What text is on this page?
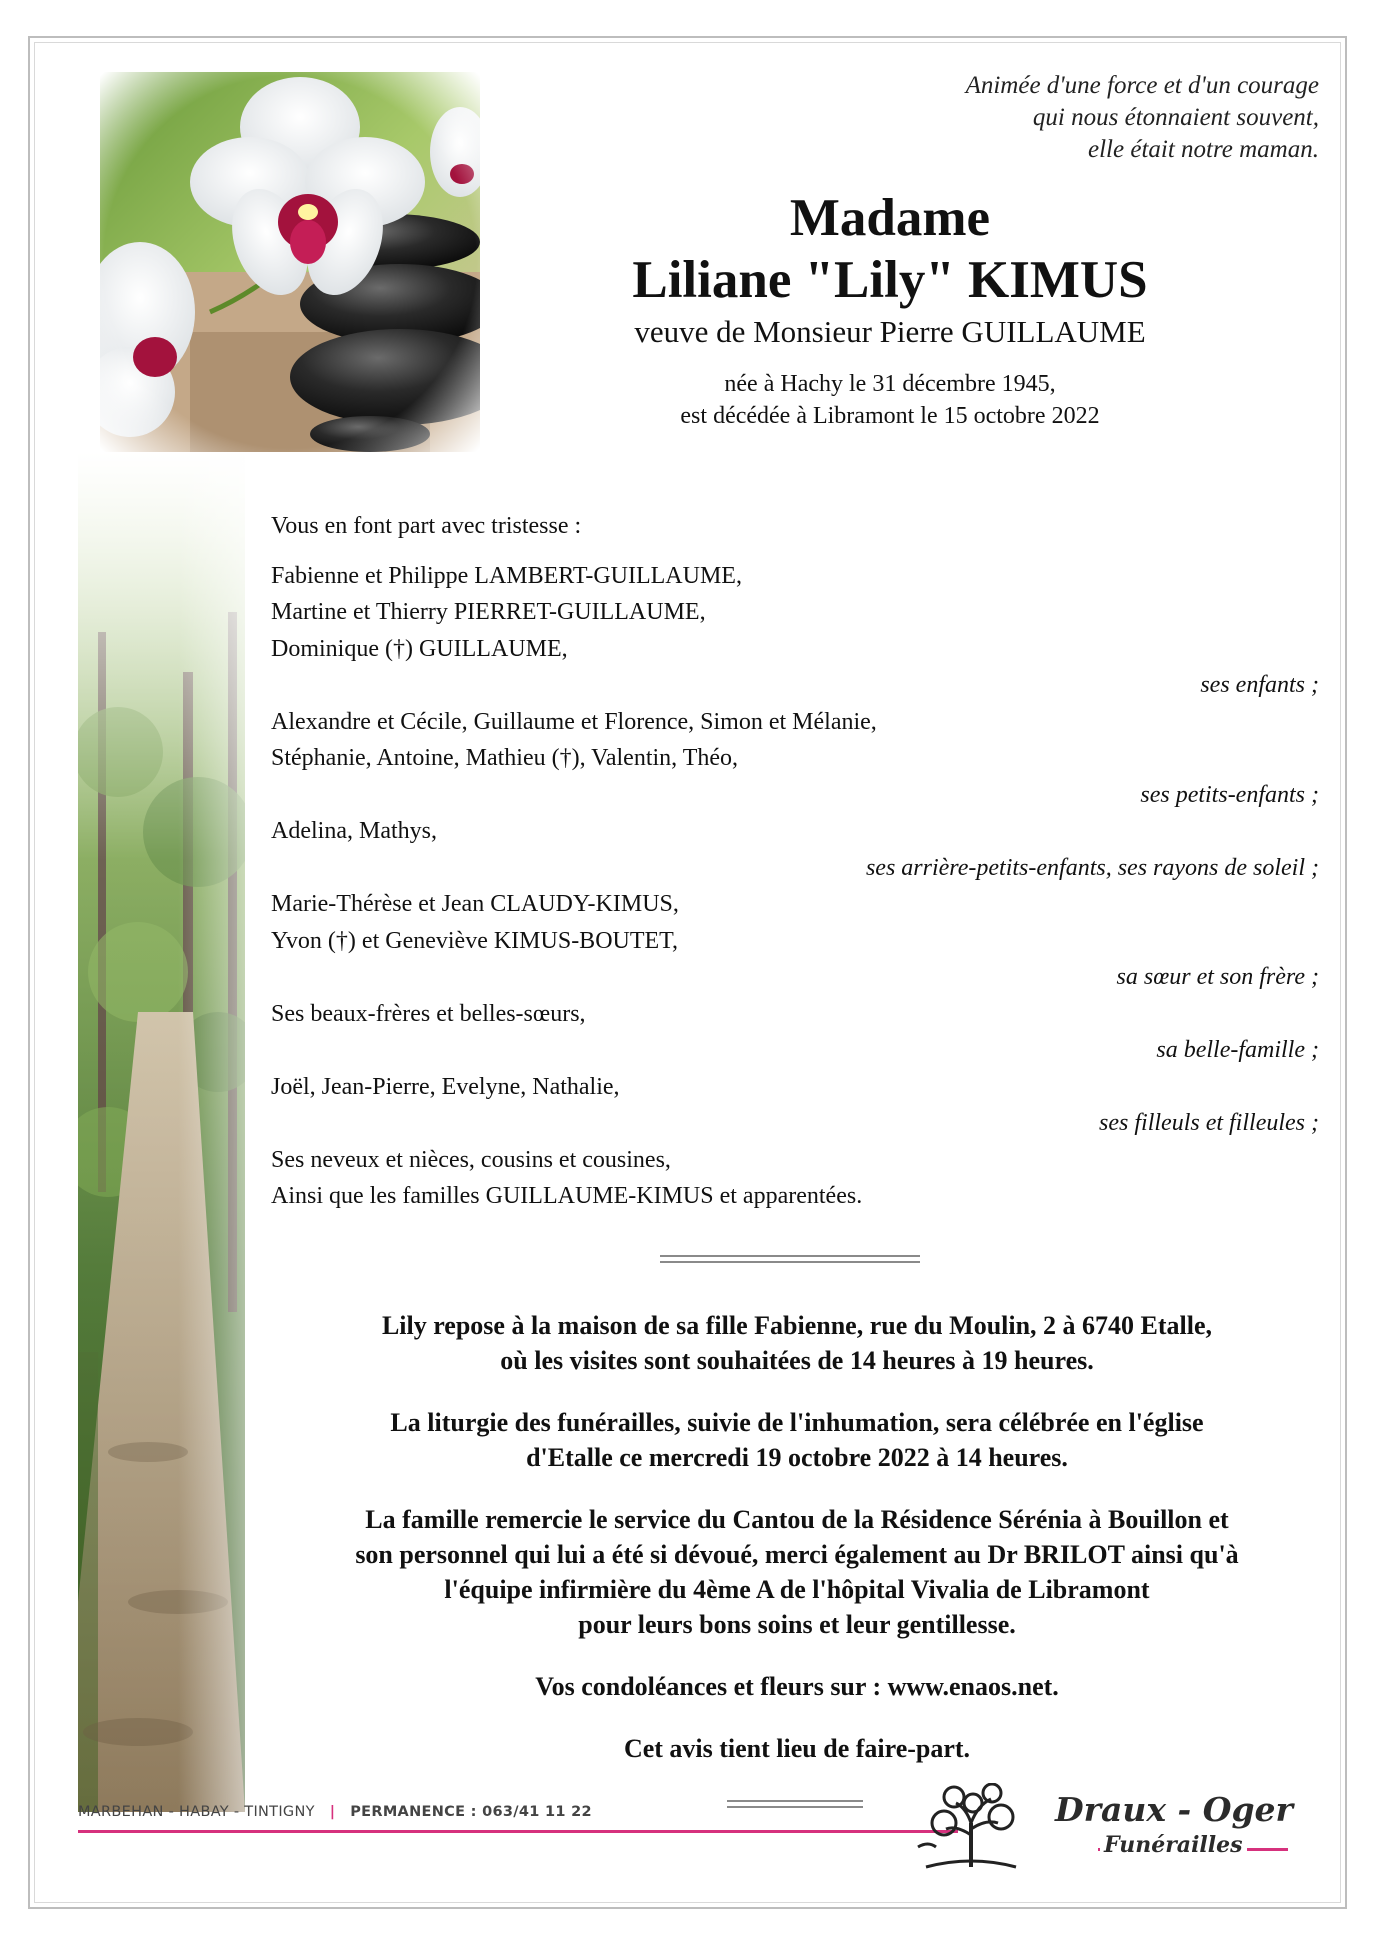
Animée d'une force et d'un courage
qui nous étonnaient souvent,
elle était notre maman.
Madame
Liliane "Lily" KIMUS
veuve de Monsieur Pierre GUILLAUME
née à Hachy le 31 décembre 1945,
est décédée à Libramont le 15 octobre 2022
Vous en font part avec tristesse :
Fabienne et Philippe LAMBERT-GUILLAUME,
Martine et Thierry PIERRET-GUILLAUME,
Dominique (†) GUILLAUME,
ses enfants ;
Alexandre et Cécile, Guillaume et Florence, Simon et Mélanie,
Stéphanie, Antoine, Mathieu (†), Valentin, Théo,
ses petits-enfants ;
Adelina, Mathys,
ses arrière-petits-enfants, ses rayons de soleil ;
Marie-Thérèse et Jean CLAUDY-KIMUS,
Yvon (†) et Geneviève KIMUS-BOUTET,
sa sœur et son frère ;
Ses beaux-frères et belles-sœurs,
sa belle-famille ;
Joël, Jean-Pierre, Evelyne, Nathalie,
ses filleuls et filleules ;
Ses neveux et nièces, cousins et cousines,
Ainsi que les familles GUILLAUME-KIMUS et apparentées.

Lily repose à la maison de sa fille Fabienne, rue du Moulin, 2 à 6740 Etalle,
où les visites sont souhaitées de 14 heures à 19 heures.

La liturgie des funérailles, suivie de l'inhumation, sera célébrée en l'église
d'Etalle ce mercredi 19 octobre 2022 à 14 heures.

La famille remercie le service du Cantou de la Résidence Sérénia à Bouillon et
son personnel qui lui a été si dévoué, merci également au Dr BRILOT ainsi qu'à
l'équipe infirmière du 4ème A de l'hôpital Vivalia de Libramont
pour leurs bons soins et leur gentillesse.

Vos condoléances et fleurs sur : www.enaos.net.

Cet avis tient lieu de faire-part.

MARBEHAN - HABAY - TINTIGNY | PERMANENCE : 063/41 11 22	Draux - Oger
Funérailles
